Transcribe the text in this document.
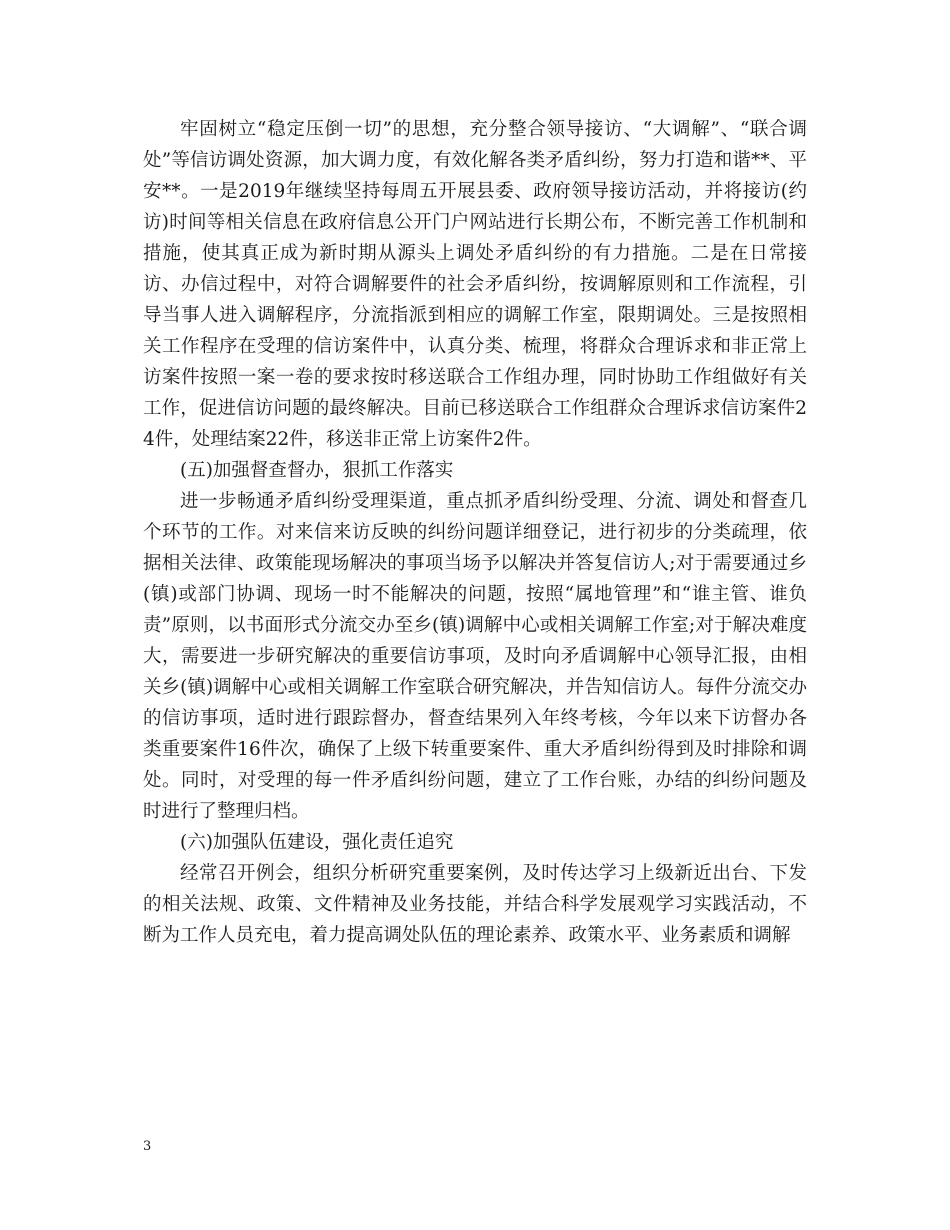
牢固树立“稳定压倒一切”的思想，充分整合领导接访、“大调解”、“联合调处”等信访调处资源，加大调力度，有效化解各类矛盾纠纷，努力打造和谐**、平安**。一是2019年继续坚持每周五开展县委、政府领导接访活动，并将接访(约访)时间等相关信息在政府信息公开门户网站进行长期公布，不断完善工作机制和措施，使其真正成为新时期从源头上调处矛盾纠纷的有力措施。二是在日常接访、办信过程中，对符合调解要件的社会矛盾纠纷，按调解原则和工作流程，引导当事人进入调解程序，分流指派到相应的调解工作室，限期调处。三是按照相关工作程序在受理的信访案件中，认真分类、梳理，将群众合理诉求和非正常上访案件按照一案一卷的要求按时移送联合工作组办理，同时协助工作组做好有关工作，促进信访问题的最终解决。目前已移送联合工作组群众合理诉求信访案件24件，处理结案22件，移送非正常上访案件2件。

(五)加强督查督办，狠抓工作落实

进一步畅通矛盾纠纷受理渠道，重点抓矛盾纠纷受理、分流、调处和督查几个环节的工作。对来信来访反映的纠纷问题详细登记，进行初步的分类疏理，依据相关法律、政策能现场解决的事项当场予以解决并答复信访人;对于需要通过乡(镇)或部门协调、现场一时不能解决的问题，按照“属地管理”和“谁主管、谁负责”原则，以书面形式分流交办至乡(镇)调解中心或相关调解工作室;对于解决难度大，需要进一步研究解决的重要信访事项，及时向矛盾调解中心领导汇报，由相关乡(镇)调解中心或相关调解工作室联合研究解决，并告知信访人。每件分流交办的信访事项，适时进行跟踪督办，督查结果列入年终考核，今年以来下访督办各类重要案件16件次，确保了上级下转重要案件、重大矛盾纠纷得到及时排除和调处。同时，对受理的每一件矛盾纠纷问题，建立了工作台账，办结的纠纷问题及时进行了整理归档。

(六)加强队伍建设，强化责任追究

经常召开例会，组织分析研究重要案例，及时传达学习上级新近出台、下发的相关法规、政策、文件精神及业务技能，并结合科学发展观学习实践活动，不断为工作人员充电，着力提高调处队伍的理论素养、政策水平、业务素质和调解

3
